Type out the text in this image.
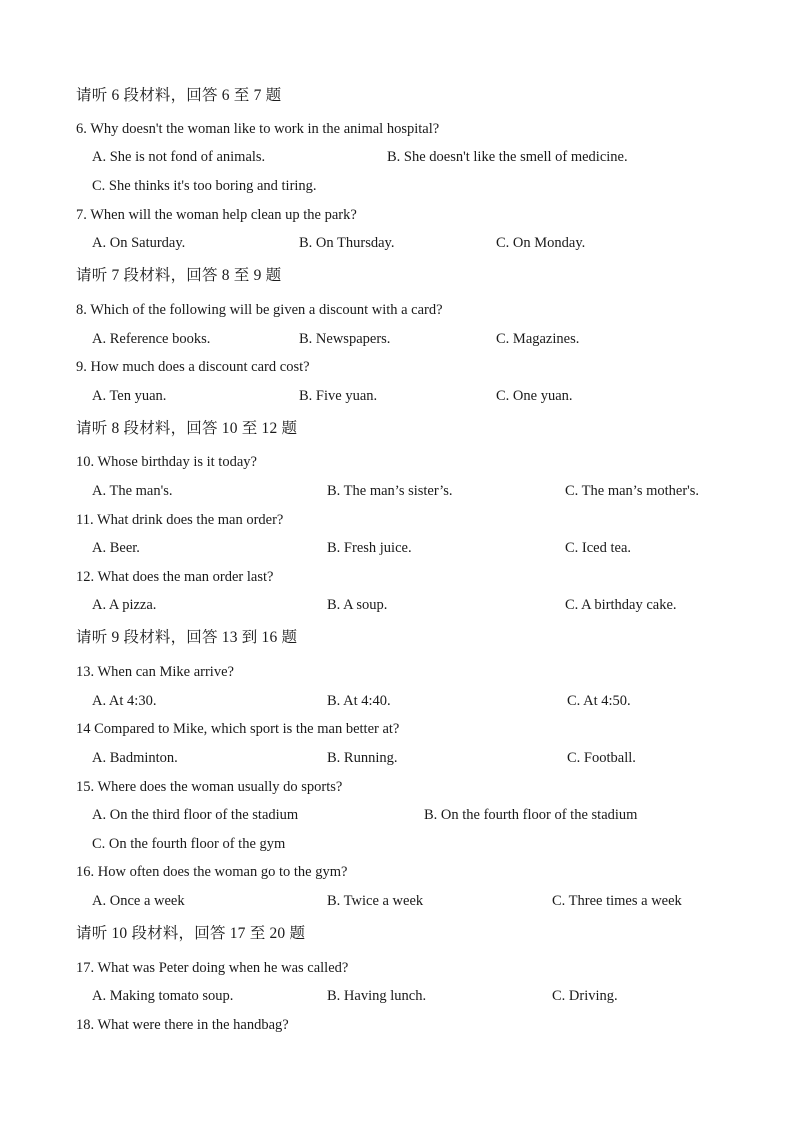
请听 6 段材料，回答 6 至 7 题
6. Why doesn't the woman like to work in the animal hospital?
A. She is not fond of animals.	B. She doesn't like the smell of medicine.
C. She thinks it's too boring and tiring.
7. When will the woman help clean up the park?
A. On Saturday.	B. On Thursday.	C. On Monday.
请听 7 段材料，回答 8 至 9 题
8. Which of the following will be given a discount with a card?
A. Reference books.	B. Newspapers.	C. Magazines.
9. How much does a discount card cost?
A. Ten yuan.	B. Five yuan.	C. One yuan.
请听 8 段材料，回答 10 至 12 题
10. Whose birthday is it today?
A. The man's.	B. The man’s sister’s.	C. The man’s mother's.
11. What drink does the man order?
A. Beer.	B. Fresh juice.	C. Iced tea.
12. What does the man order last?
A. A pizza.	B. A soup.	C. A birthday cake.
请听 9 段材料，回答 13 到 16 题
13. When can Mike arrive?
A. At 4:30.	B. At 4:40.	C. At 4:50.
14 Compared to Mike, which sport is the man better at?
A. Badminton.	B. Running.	C. Football.
15. Where does the woman usually do sports?
A. On the third floor of the stadium	B. On the fourth floor of the stadium
C. On the fourth floor of the gym
16. How often does the woman go to the gym?
A. Once a week	B. Twice a week	C. Three times a week
请听 10 段材料，回答 17 至 20 题
17. What was Peter doing when he was called?
A. Making tomato soup.	B. Having lunch.	C. Driving.
18. What were there in the handbag?
